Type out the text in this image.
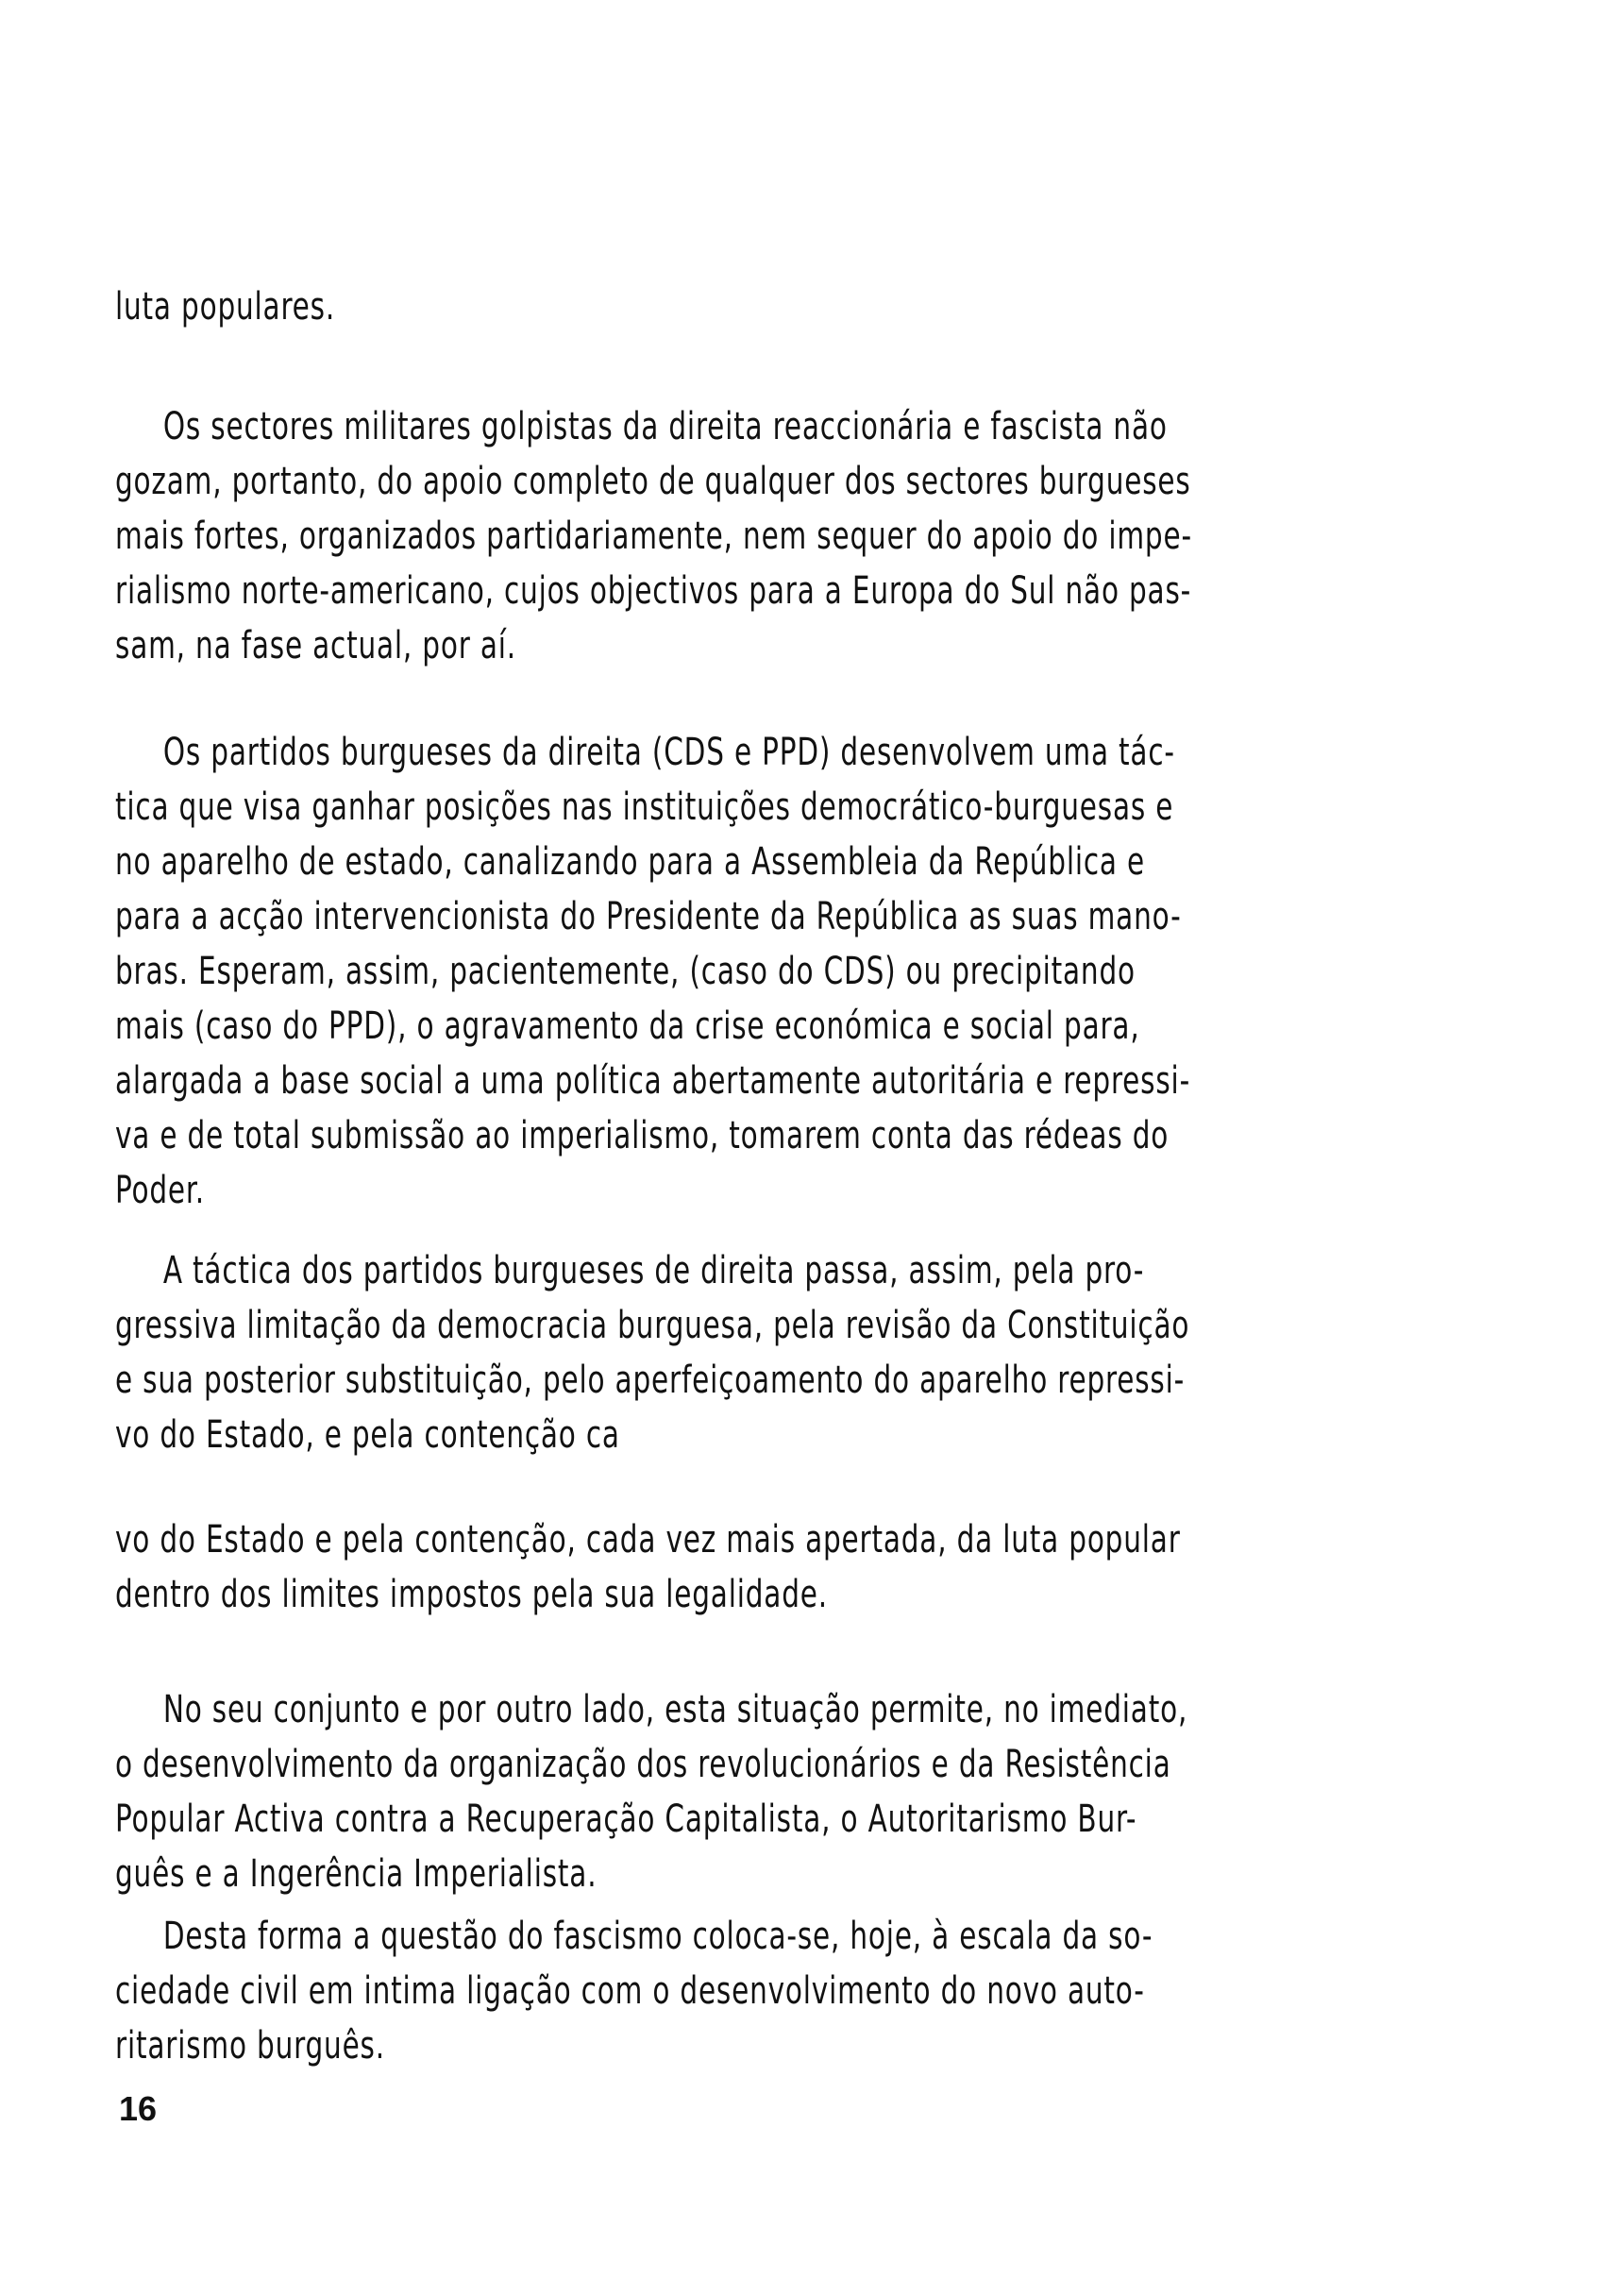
luta populares.
Os sectores militares golpistas da direita reaccionária e fascista não
gozam, portanto, do apoio completo de qualquer dos sectores burgueses
mais fortes, organizados partidariamente, nem sequer do apoio do impe-
rialismo norte-americano, cujos objectivos para a Europa do Sul não pas-
sam, na fase actual, por aí.
Os partidos burgueses da direita (CDS e PPD) desenvolvem uma tác-
tica que visa ganhar posições nas instituições democrático-burguesas e
no aparelho de estado, canalizando para a Assembleia da República e
para a acção intervencionista do Presidente da República as suas mano-
bras. Esperam, assim, pacientemente, (caso do CDS) ou precipitando
mais (caso do PPD), o agravamento da crise económica e social para,
alargada a base social a uma política abertamente autoritária e repressi-
va e de total submissão ao imperialismo, tomarem conta das rédeas do
Poder.
A táctica dos partidos burgueses de direita passa, assim, pela pro-
gressiva limitação da democracia burguesa, pela revisão da Constituição
e sua posterior substituição, pelo aperfeiçoamento do aparelho repressi-
vo do Estado, e pela contenção ca
vo do Estado e pela contenção, cada vez mais apertada, da luta popular
dentro dos limites impostos pela sua legalidade.
No seu conjunto e por outro lado, esta situação permite, no imediato,
o desenvolvimento da organização dos revolucionários e da Resistência
Popular Activa contra a Recuperação Capitalista, o Autoritarismo Bur-
guês e a Ingerência Imperialista.
Desta forma a questão do fascismo coloca-se, hoje, à escala da so-
ciedade civil em intima ligação com o desenvolvimento do novo auto-
ritarismo burguês.
16
